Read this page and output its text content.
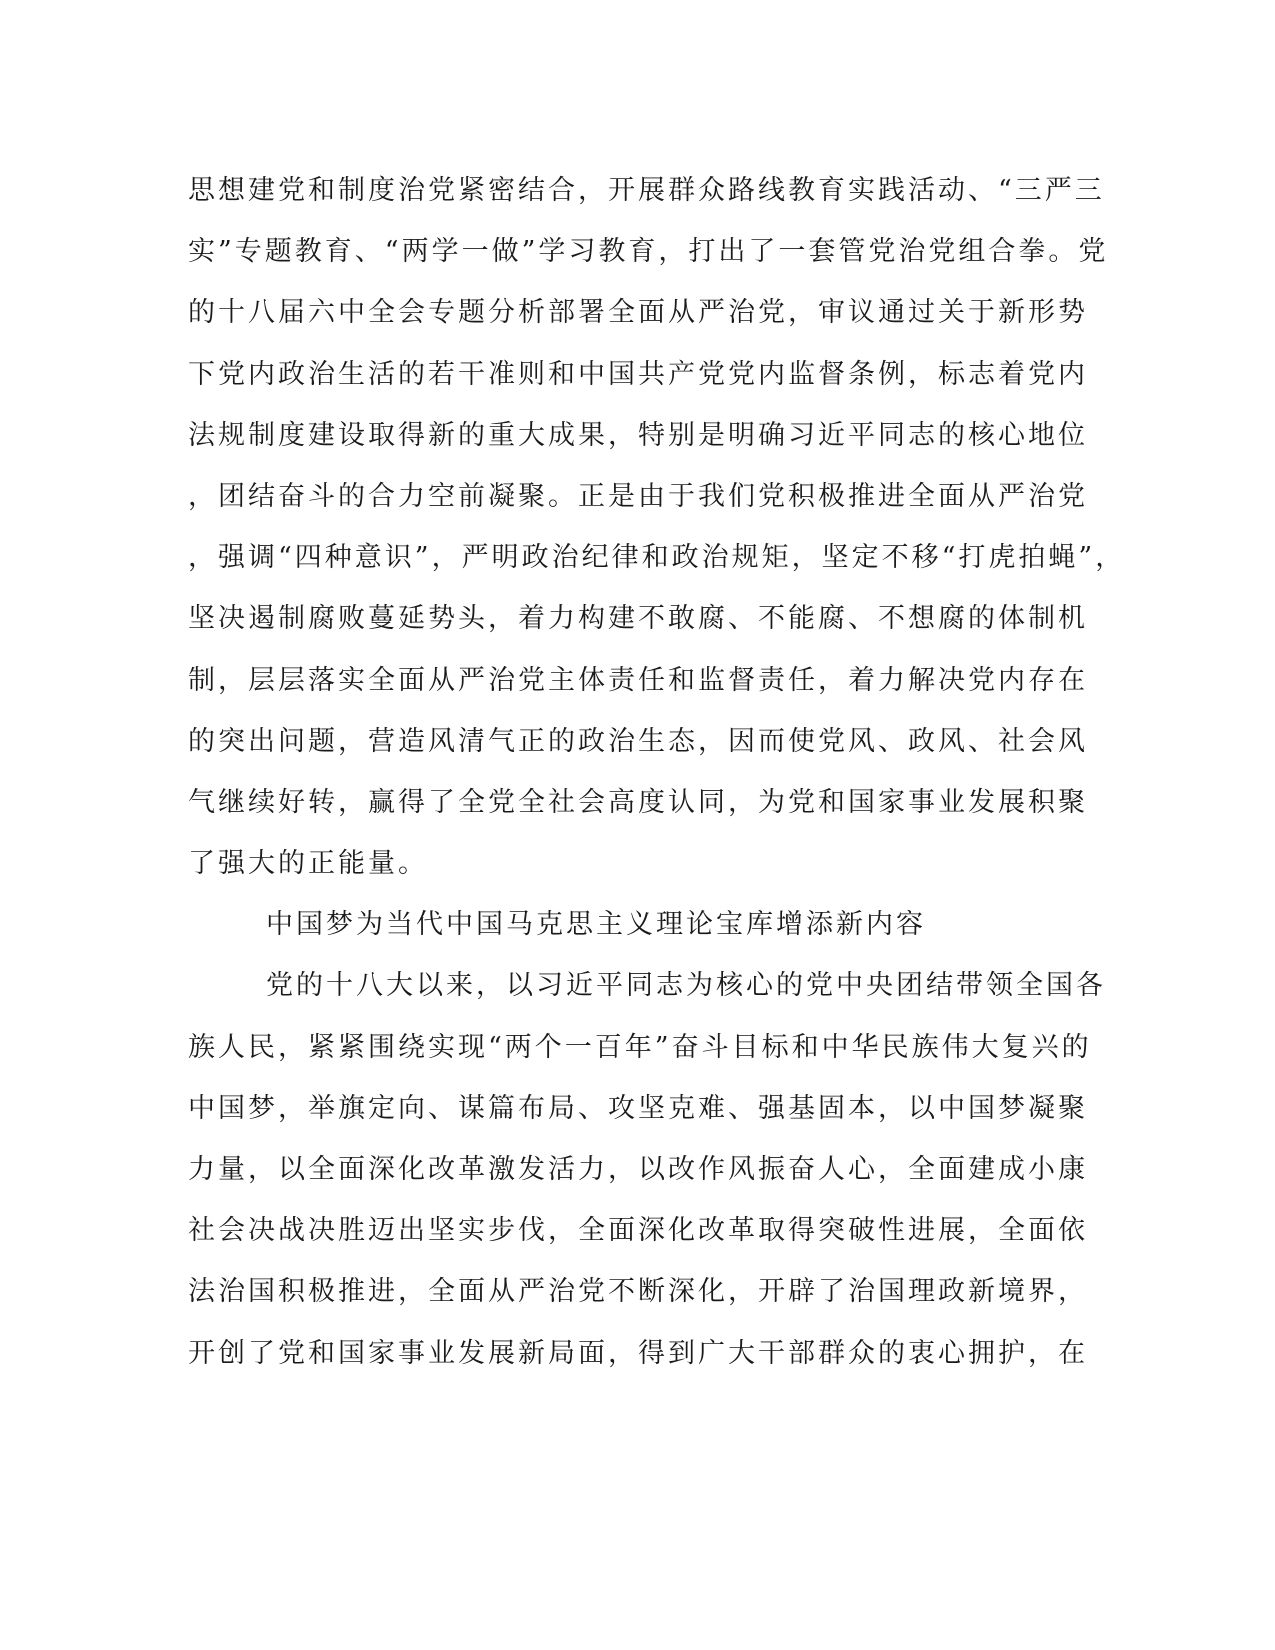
思想建党和制度治党紧密结合，开展群众路线教育实践活动、“三严三
实”专题教育、“两学一做”学习教育，打出了一套管党治党组合拳。党
的十八届六中全会专题分析部署全面从严治党，审议通过关于新形势
下党内政治生活的若干准则和中国共产党党内监督条例，标志着党内
法规制度建设取得新的重大成果，特别是明确习近平同志的核心地位
，团结奋斗的合力空前凝聚。正是由于我们党积极推进全面从严治党
，强调“四种意识”，严明政治纪律和政治规矩，坚定不移“打虎拍蝇”，
坚决遏制腐败蔓延势头，着力构建不敢腐、不能腐、不想腐的体制机
制，层层落实全面从严治党主体责任和监督责任，着力解决党内存在
的突出问题，营造风清气正的政治生态，因而使党风、政风、社会风
气继续好转，赢得了全党全社会高度认同，为党和国家事业发展积聚
了强大的正能量。
中国梦为当代中国马克思主义理论宝库增添新内容
党的十八大以来，以习近平同志为核心的党中央团结带领全国各
族人民，紧紧围绕实现“两个一百年”奋斗目标和中华民族伟大复兴的
中国梦，举旗定向、谋篇布局、攻坚克难、强基固本，以中国梦凝聚
力量，以全面深化改革激发活力，以改作风振奋人心，全面建成小康
社会决战决胜迈出坚实步伐，全面深化改革取得突破性进展，全面依
法治国积极推进，全面从严治党不断深化，开辟了治国理政新境界，
开创了党和国家事业发展新局面，得到广大干部群众的衷心拥护，在
